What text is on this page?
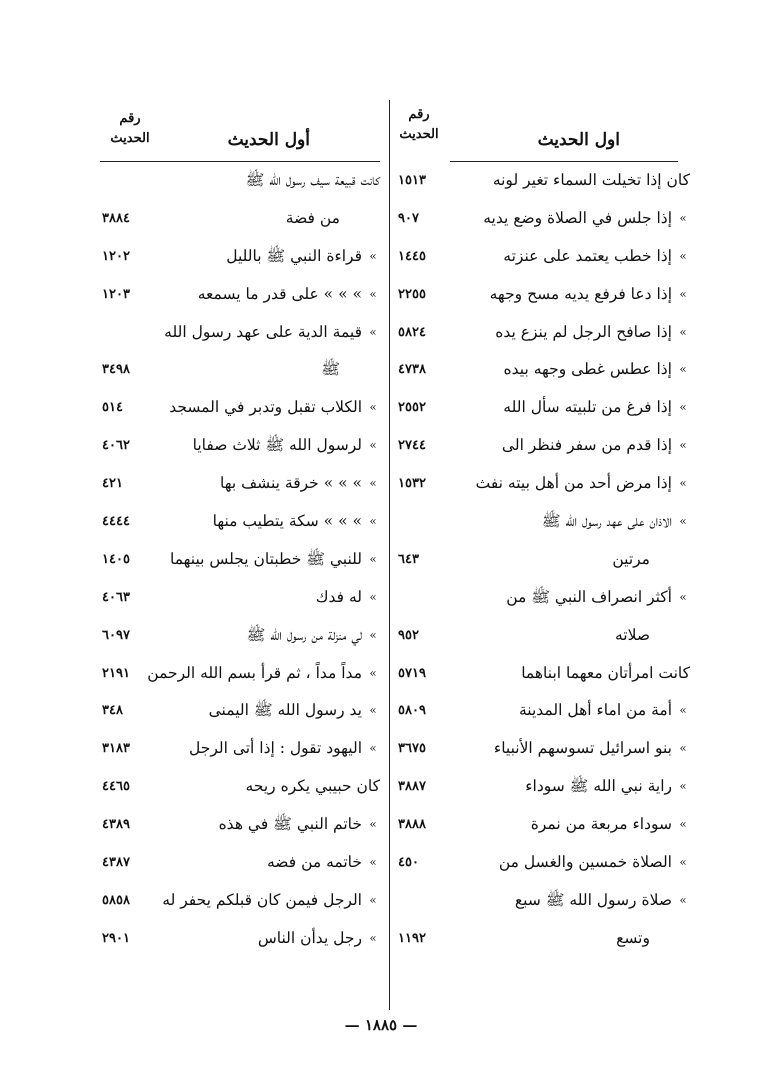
اول الحديث
رقم
الحديث
كان إذا تخيلت السماء تغير لونه
١٥١٣
»
إذا جلس في الصلاة وضع يديه
٩٠٧
»
إذا خطب يعتمد على عنزته
١٤٤٥
»
إذا دعا فرفع يديه مسح وجهه
٢٢٥٥
»
إذا صافح الرجل لم ينزع يده
٥٨٢٤
»
إذا عطس غطى وجهه بيده
٤٧٣٨
»
إذا فرغ من تلبيته سأل الله
٢٥٥٢
»
إذا قدم من سفر فنظر الى
٢٧٤٤
»
إذا مرض أحد من أهل بيته نفث
١٥٣٢
»
الاذان على عهد رسول الله ﷺ
مرتين
٦٤٣
»
أكثر انصراف النبي ﷺ من
صلاته
٩٥٢
كانت امرأتان معهما ابناهما
٥٧١٩
»
أمة من اماء أهل المدينة
٥٨٠٩
»
بنو اسرائيل تسوسهم الأنبياء
٣٦٧٥
»
راية نبي الله ﷺ سوداء
٣٨٨٧
»
سوداء مربعة من نمرة
٣٨٨٨
»
الصلاة خمسين والغسل من
٤٥٠
»
صلاة رسول الله ﷺ سبع
وتسع
١١٩٢
أول الحديث
رقم
الحديث
كانت قبيعة سيف رسول الله ﷺ
من فضة
٣٨٨٤
»
قراءة النبي ﷺ بالليل
١٢٠٢
»
» » » على قدر ما يسمعه
١٢٠٣
»
قيمة الدية على عهد رسول الله
ﷺ
٣٤٩٨
»
الكلاب تقبل وتدبر في المسجد
٥١٤
»
لرسول الله ﷺ ثلاث صفايا
٤٠٦٢
»
» » » خرقة ينشف بها
٤٢١
»
» » » سكة يتطيب منها
٤٤٤٤
»
للنبي ﷺ خطبتان يجلس بينهما
١٤٠٥
»
له فدك
٤٠٦٣
»
لي منزلة من رسول الله ﷺ
٦٠٩٧
»
مداً مداً ، ثم قرأ بسم الله الرحمن
٢١٩١
»
يد رسول الله ﷺ اليمنى
٣٤٨
»
اليهود تقول : إذا أتى الرجل
٣١٨٣
كان حبيبي يكره ريحه
٤٤٦٥
»
خاتم النبي ﷺ في هذه
٤٣٨٩
»
خاتمه من فضه
٤٣٨٧
»
الرجل فيمن كان قبلكم يحفر له
٥٨٥٨
»
رجل يدأن الناس
٢٩٠١
— ١٨٨٥ —
